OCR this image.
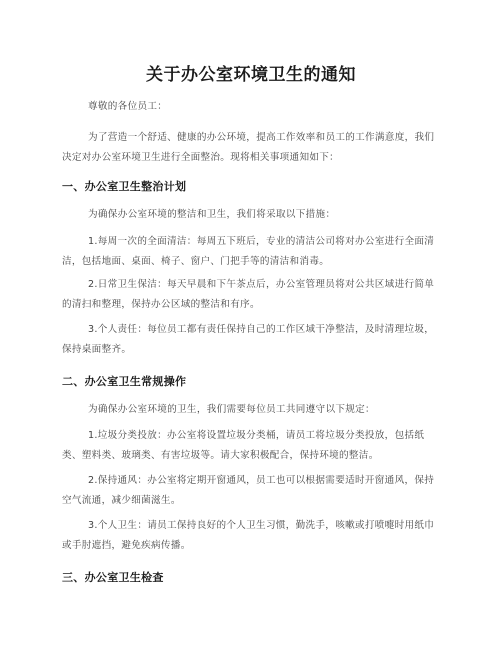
关于办公室环境卫生的通知

尊敬的各位员工：

为了营造一个舒适、健康的办公环境，提高工作效率和员工的工作满意度，我们决定对办公室环境卫生进行全面整治。现将相关事项通知如下：

一、办公室卫生整治计划

为确保办公室环境的整洁和卫生，我们将采取以下措施：

1.每周一次的全面清洁：每周五下班后，专业的清洁公司将对办公室进行全面清洁，包括地面、桌面、椅子、窗户、门把手等的清洁和消毒。

2.日常卫生保洁：每天早晨和下午茶点后，办公室管理员将对公共区域进行简单的清扫和整理，保持办公区域的整洁和有序。

3.个人责任：每位员工都有责任保持自己的工作区域干净整洁，及时清理垃圾，保持桌面整齐。

二、办公室卫生常规操作

为确保办公室环境的卫生，我们需要每位员工共同遵守以下规定：

1.垃圾分类投放：办公室将设置垃圾分类桶，请员工将垃圾分类投放，包括纸类、塑料类、玻璃类、有害垃圾等。请大家积极配合，保持环境的整洁。

2.保持通风：办公室将定期开窗通风，员工也可以根据需要适时开窗通风，保持空气流通，减少细菌滋生。

3.个人卫生：请员工保持良好的个人卫生习惯，勤洗手，咳嗽或打喷嚏时用纸巾或手肘遮挡，避免疾病传播。

三、办公室卫生检查
